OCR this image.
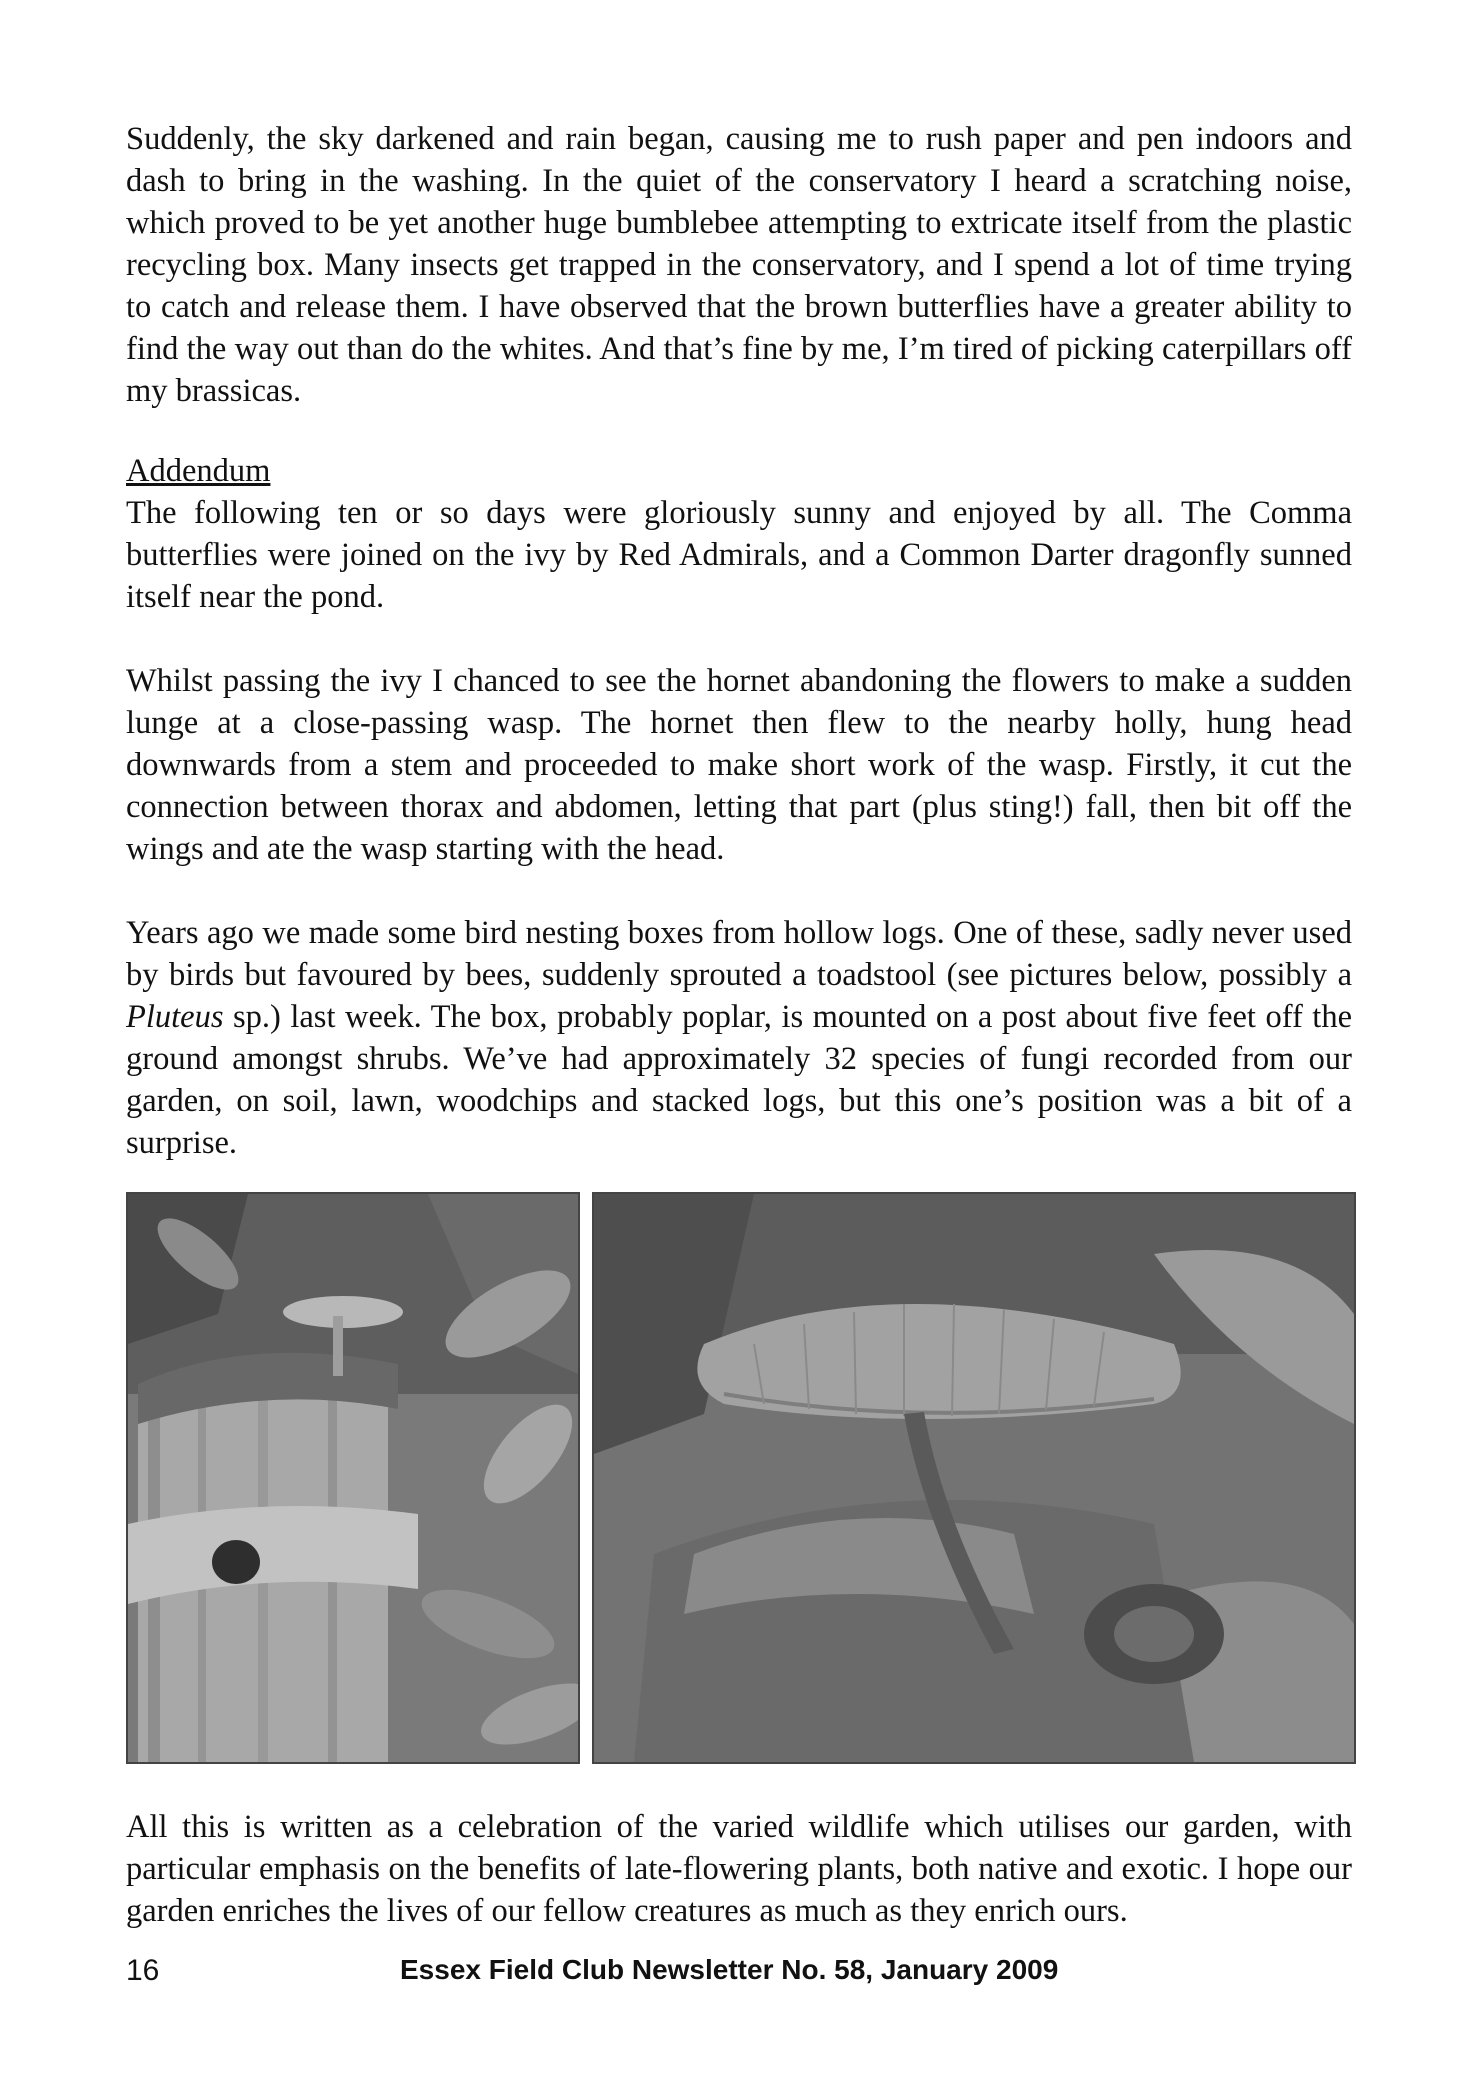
Suddenly, the sky darkened and rain began, causing me to rush paper and pen indoors and dash to bring in the washing. In the quiet of the conservatory I heard a scratching noise, which proved to be yet another huge bumblebee attempting to extricate itself from the plastic recycling box. Many insects get trapped in the conservatory, and I spend a lot of time trying to catch and release them. I have observed that the brown butterflies have a greater ability to find the way out than do the whites. And that’s fine by me, I’m tired of picking caterpillars off my brassicas.

Addendum

The following ten or so days were gloriously sunny and enjoyed by all. The Comma butterflies were joined on the ivy by Red Admirals, and a Common Darter dragonfly sunned itself near the pond.

Whilst passing the ivy I chanced to see the hornet abandoning the flowers to make a sudden lunge at a close-passing wasp. The hornet then flew to the nearby holly, hung head downwards from a stem and proceeded to make short work of the wasp. Firstly, it cut the connection between thorax and abdomen, letting that part (plus sting!) fall, then bit off the wings and ate the wasp starting with the head.

Years ago we made some bird nesting boxes from hollow logs. One of these, sadly never used by birds but favoured by bees, suddenly sprouted a toadstool (see pictures below, possibly a Pluteus sp.) last week. The box, probably poplar, is mounted on a post about five feet off the ground amongst shrubs. We’ve had approximately 32 species of fungi recorded from our garden, on soil, lawn, woodchips and stacked logs, but this one’s position was a bit of a surprise.

All this is written as a celebration of the varied wildlife which utilises our garden, with particular emphasis on the benefits of late-flowering plants, both native and exotic. I hope our garden enriches the lives of our fellow creatures as much as they enrich ours.

16	Essex Field Club Newsletter No. 58, January 2009
